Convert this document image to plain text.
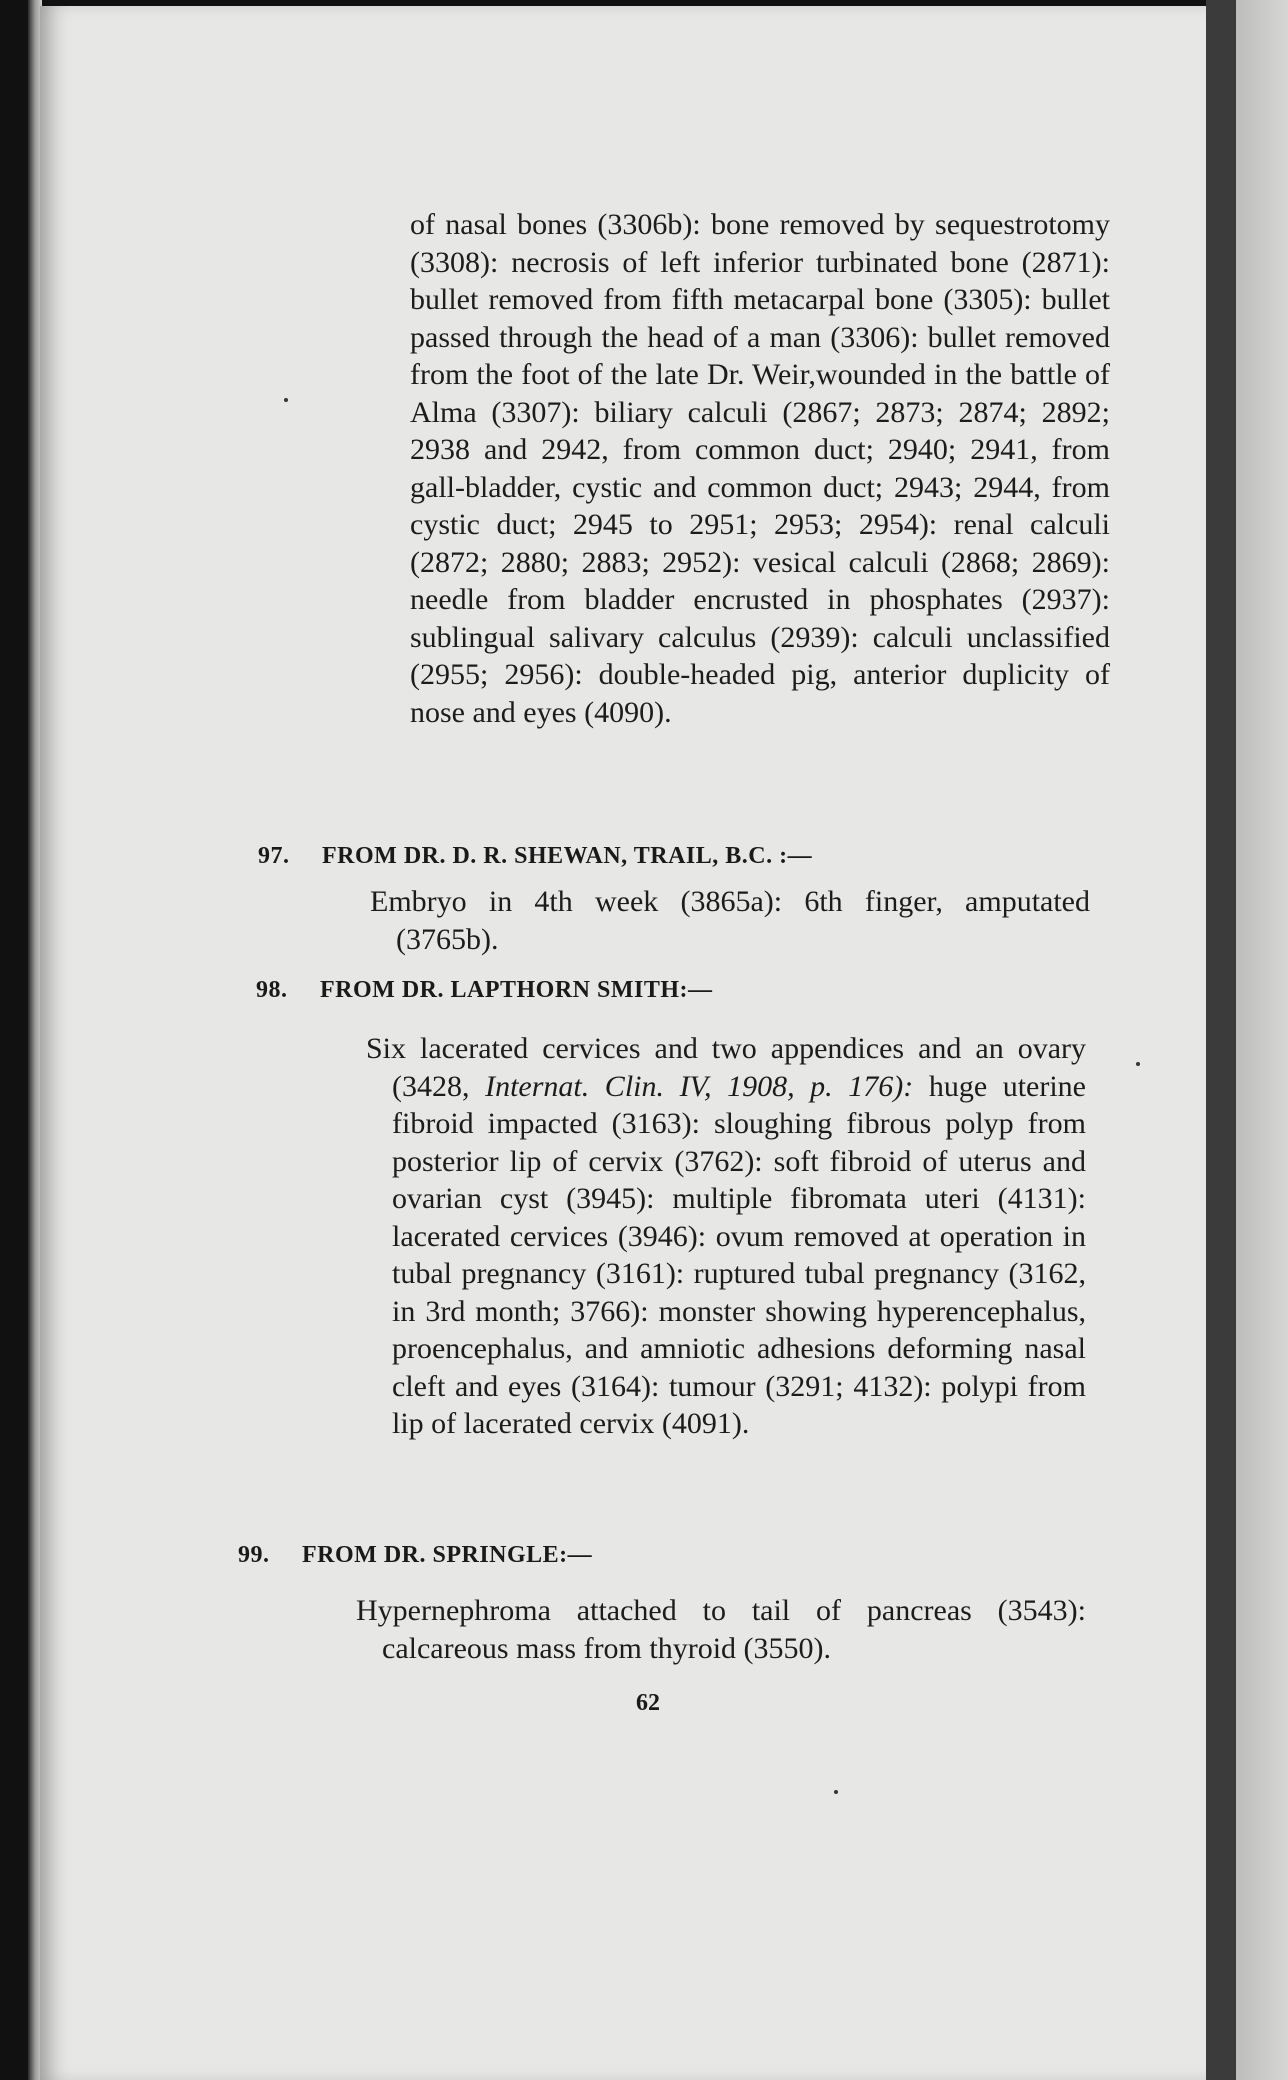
of nasal bones (3306b): bone removed by sequestrotomy (3308): necrosis of left inferior turbinated bone (2871): bullet removed from fifth metacarpal bone (3305): bullet passed through the head of a man (3306): bullet removed from the foot of the late Dr. Weir,wounded in the battle of Alma (3307): biliary calculi (2867; 2873; 2874; 2892; 2938 and 2942, from common duct; 2940; 2941, from gall-bladder, cystic and common duct; 2943; 2944, from cystic duct; 2945 to 2951; 2953; 2954): renal calculi (2872; 2880; 2883; 2952): vesical calculi (2868; 2869): needle from bladder encrusted in phosphates (2937): sublingual salivary calculus (2939): calculi unclassified (2955; 2956): double-headed pig, anterior duplicity of nose and eyes (4090).

97. FROM DR. D. R. SHEWAN, TRAIL, B.C. :—
Embryo in 4th week (3865a): 6th finger, amputated (3765b).
98. FROM DR. LAPTHORN SMITH:—
Six lacerated cervices and two appendices and an ovary (3428, Internat. Clin. IV, 1908, p. 176): huge uterine fibroid impacted (3163): sloughing fibrous polyp from posterior lip of cervix (3762): soft fibroid of uterus and ovarian cyst (3945): multiple fibromata uteri (4131): lacerated cervices (3946): ovum removed at operation in tubal pregnancy (3161): ruptured tubal pregnancy (3162, in 3rd month; 3766): monster showing hyperencephalus, proencephalus, and amniotic adhesions deforming nasal cleft and eyes (3164): tumour (3291; 4132): polypi from lip of lacerated cervix (4091).
99. FROM DR. SPRINGLE:—
Hypernephroma attached to tail of pancreas (3543): calcareous mass from thyroid (3550).
62
